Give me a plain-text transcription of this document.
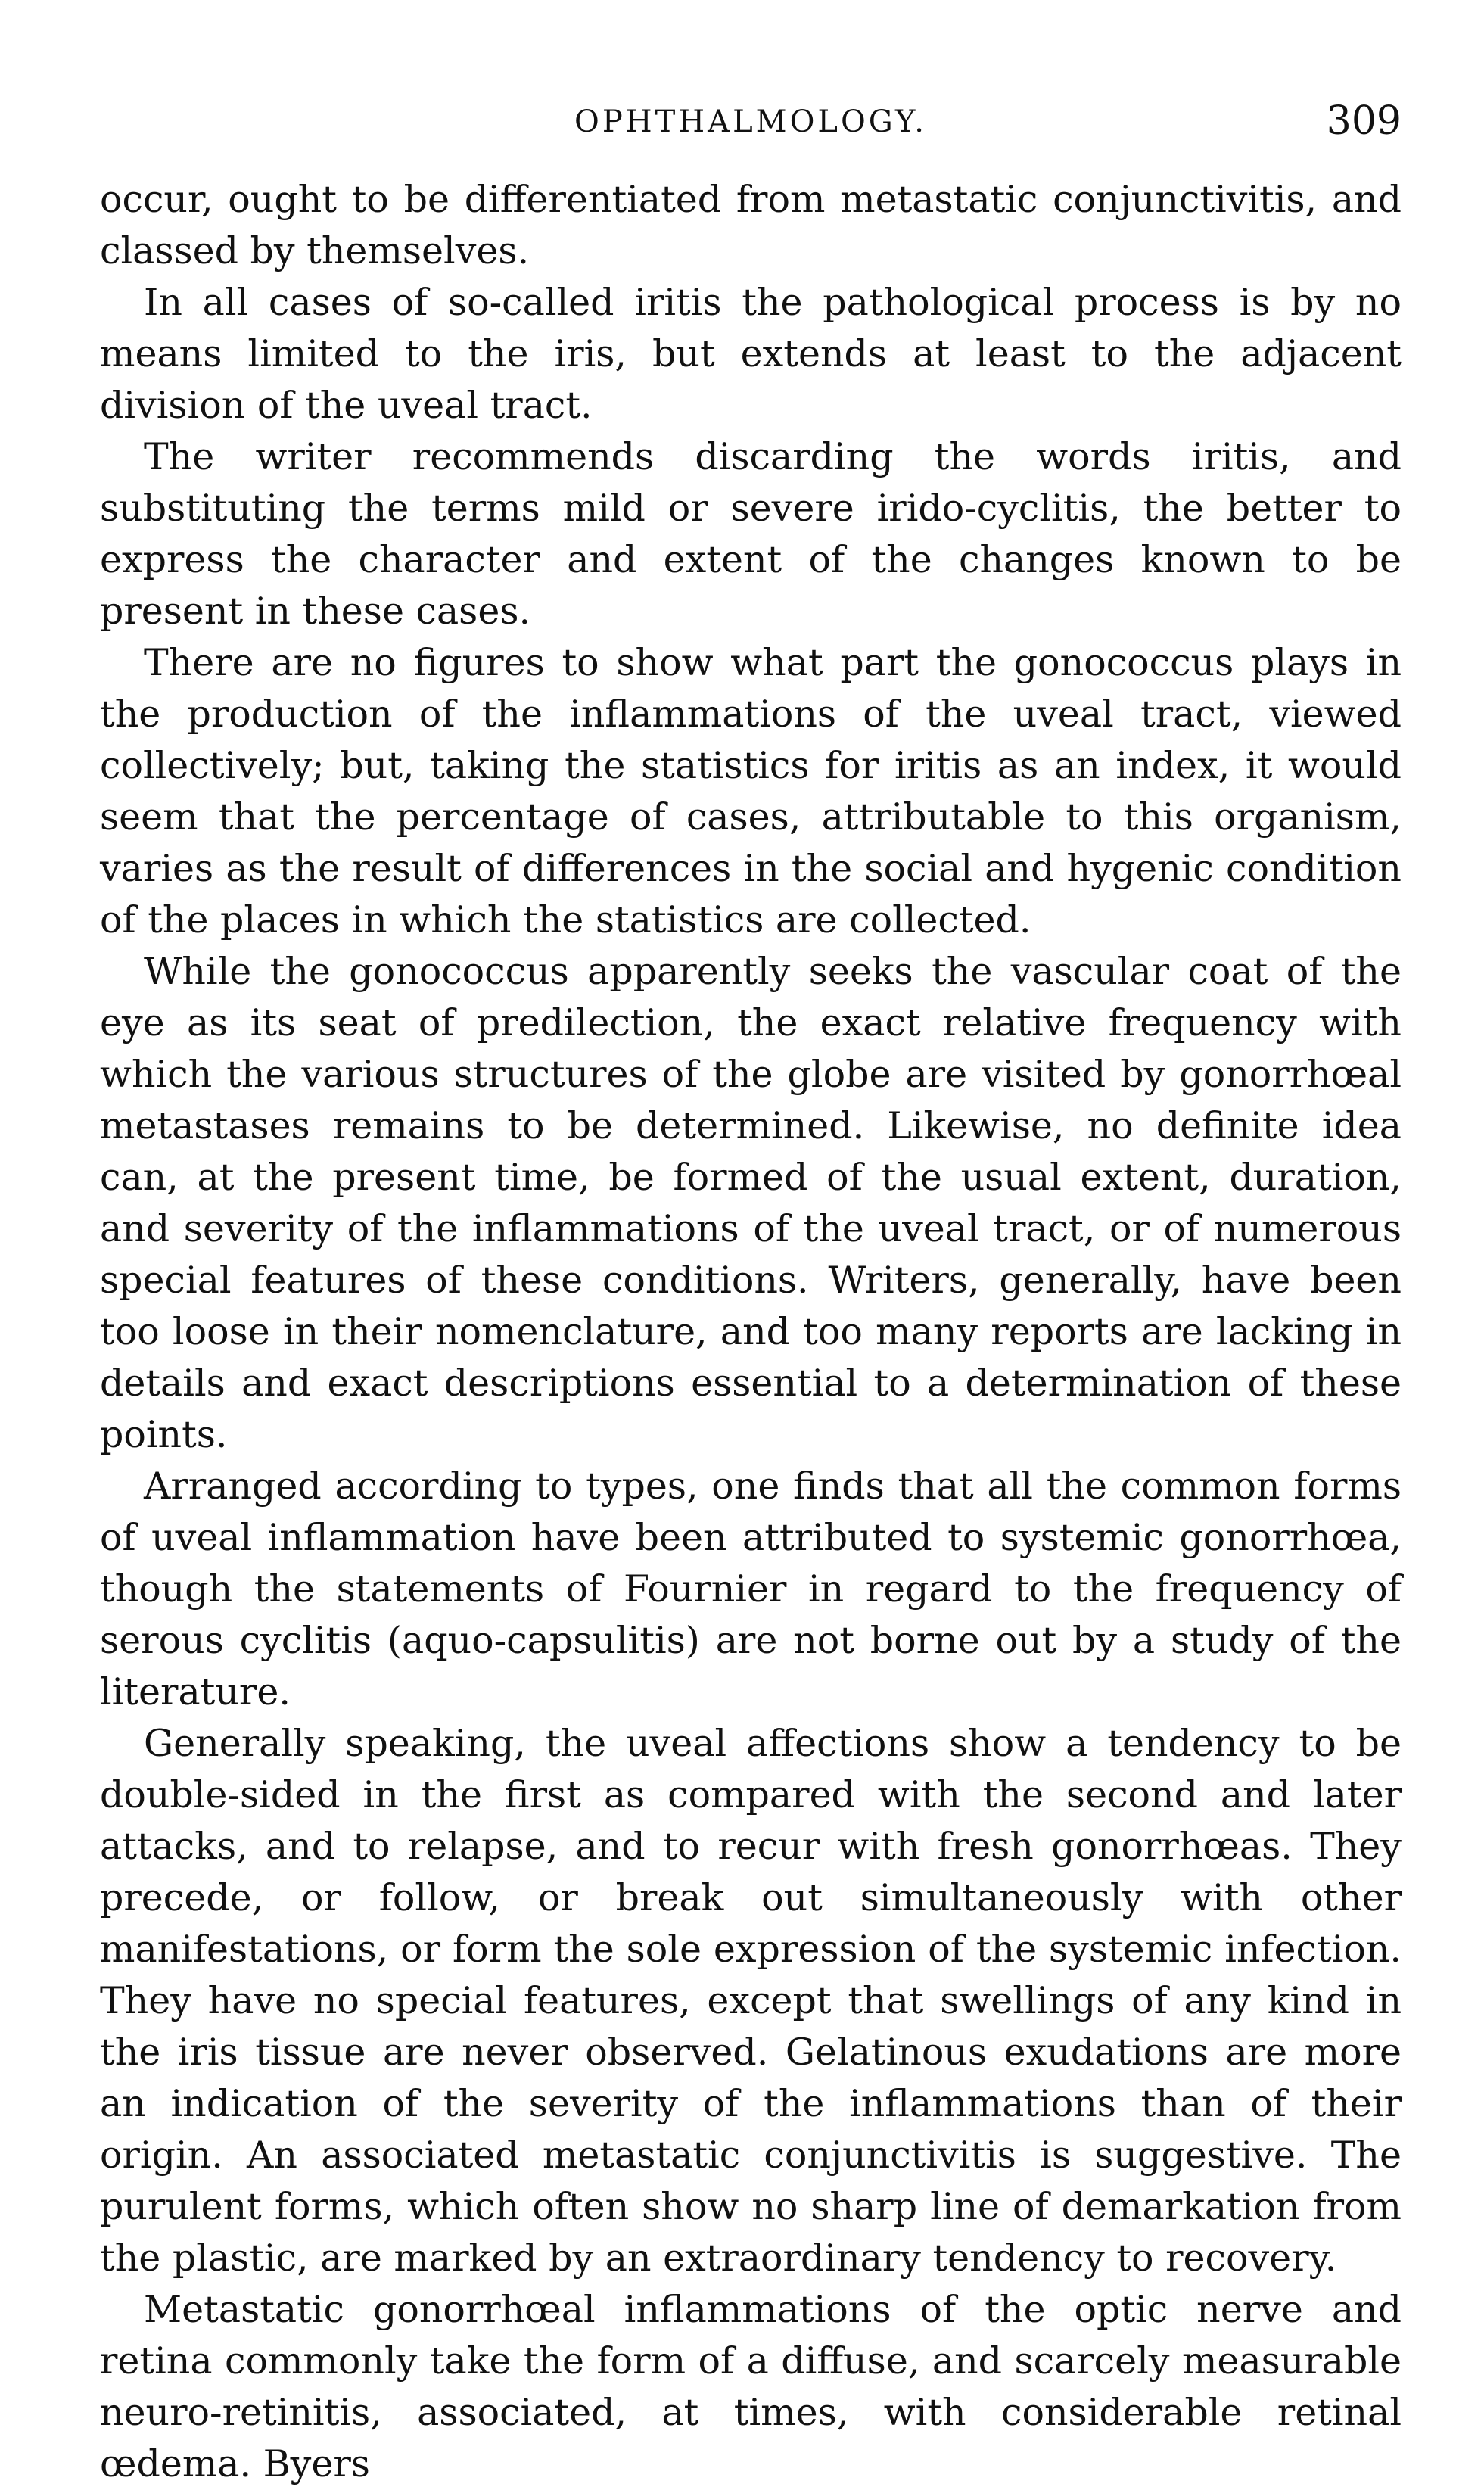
OPHTHALMOLOGY.	309

occur, ought to be differentiated from metastatic conjunctivitis, and classed by themselves.

In all cases of so-called iritis the pathological process is by no means limited to the iris, but extends at least to the adjacent division of the uveal tract.

The writer recommends discarding the words iritis, and substituting the terms mild or severe irido-cyclitis, the better to express the character and extent of the changes known to be present in these cases.

There are no figures to show what part the gonococcus plays in the production of the inflammations of the uveal tract, viewed collectively; but, taking the statistics for iritis as an index, it would seem that the percentage of cases, attributable to this organism, varies as the result of differences in the social and hygenic condition of the places in which the statistics are collected.

While the gonococcus apparently seeks the vascular coat of the eye as its seat of predilection, the exact relative frequency with which the various structures of the globe are visited by gonorrhœal metastases remains to be determined. Likewise, no definite idea can, at the present time, be formed of the usual extent, duration, and severity of the inflammations of the uveal tract, or of numerous special features of these conditions. Writers, generally, have been too loose in their nomenclature, and too many reports are lacking in details and exact descriptions essential to a determination of these points.

Arranged according to types, one finds that all the common forms of uveal inflammation have been attributed to systemic gonorrhœa, though the statements of Fournier in regard to the frequency of serous cyclitis (aquo-capsulitis) are not borne out by a study of the literature.

Generally speaking, the uveal affections show a tendency to be double-sided in the first as compared with the second and later attacks, and to relapse, and to recur with fresh gonorrhœas. They precede, or follow, or break out simultaneously with other manifestations, or form the sole expression of the systemic infection. They have no special features, except that swellings of any kind in the iris tissue are never observed. Gelatinous exudations are more an indication of the severity of the inflammations than of their origin. An associated metastatic conjunctivitis is suggestive. The purulent forms, which often show no sharp line of demarkation from the plastic, are marked by an extraordinary tendency to recovery.

Metastatic gonorrhœal inflammations of the optic nerve and retina commonly take the form of a diffuse, and scarcely measurable neuro-retinitis, associated, at times, with considerable retinal œdema. Byers
